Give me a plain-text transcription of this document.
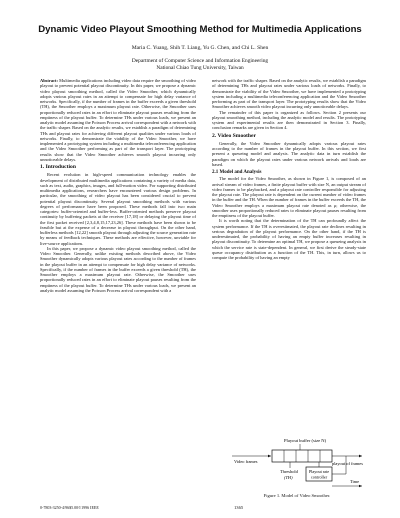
Dynamic Video Playout Smoothing Method for Multimedia Applications
Maria C. Yuang, Shih T. Liang, Yu G. Chen, and Chi L. Shen
Department of Computer Science and Information Engineering
National Chiao Tung University, Taiwan

Abstract: Multimedia applications including video data require the smoothing of video playout to prevent potential playout discontinuity. In this paper, we propose a dynamic video playout smoothing method, called the Video Smoother, which dynamically adopts various playout rates in an attempt to compensate for high delay variance of networks. Specifically, if the number of frames in the buffer exceeds a given threshold (TH), the Smoother employs a maximum playout rate. Otherwise, the Smoother uses proportionally reduced rates in an effort to eliminate playout pauses resulting from the emptiness of the playout buffer. To determine THs under various loads, we present an analytic model assuming the Poisson Process arrival correspondent with a network with the traffic shaper. Based on the analytic results, we establish a paradigm of determining THs and playout rates for achieving different playout qualities under various loads of networks. Finally, to demonstrate the viability of the Video Smoother, we have implemented a prototyping system including a multimedia teleconferencing application and the Video Smoother performing as part of the transport layer. The prototyping results show that the Video Smoother achieves smooth playout incurring only unnoticeable delays.

1. Introduction

Recent evolution in high-speed communication technology enables the development of distributed multimedia applications containing a variety of media data, such as text, audio, graphics, images, and full-motion video. For supporting distributed multimedia applications, researchers have encountered various design problems. In particular, the smoothing of video playout has been considered crucial to prevent potential playout discontinuity. Several playout smoothing methods with various degrees of performance have been proposed. These methods fall into two main categories: buffer-oriented and buffer-less. Buffer-oriented methods preserve playout continuity by buffering packets at the receiver [17,18] or delaying the playout time of the first packet received [2,3,4,8,15,17,23,26]. These methods have been shown to be feasible but at the expense of a decrease in playout throughput. On the other hand, bufferless methods [12,22] smooth playout through adjusting the source generation rate by means of feedback techniques. These methods are effective, however, unviable for live-source applications.

In this paper, we propose a dynamic video playout smoothing method, called the Video Smoother. Generally, unlike existing methods described above, the Video Smoother dynamically adopts various playout rates according to the number of frames in the playout buffer in an attempt to compensate for high delay variance of networks. Specifically, if the number of frames in the buffer exceeds a given threshold (TH), the Smoother employs a maximum playout rate. Otherwise, the Smoother uses proportionally reduced rates in an effort to eliminate playout pauses resulting from the emptiness of the playout buffer. To determine THs under various loads, we present an analytic model assuming the Poisson Process arrival correspondent with a

network with the traffic shaper. Based on the analytic results, we establish a paradigm of determining THs and playout rates under various loads of networks. Finally, to demonstrate the viability of the Video Smoother, we have implemented a prototyping system including a multimedia teleconferencing application and the Video Smoother performing as part of the transport layer. The prototyping results show that the Video Smoother achieves smooth video playout incurring only unnoticeable delays.

The remainder of this paper is organized as follows. Section 2 presents our playout smoothing method, including the analytic model and results. The prototyping system and experimental results are then demonstrated in Section 3. Finally, conclusion remarks are given in Section 4.

2. Video Smoother

Generally, the Video Smoother dynamically adopts various playout rates according to the number of frames in the playout buffer. In this section, we first present a queueing model and analysis. The analytic data in turn establish the paradigm on which the playout rates under various network arrivals and loads are based.

2.1 Model and Analysis

The model for the Video Smoother, as shown in Figure 1, is composed of an arrival stream of video frames, a finite playout buffer with size N, an output stream of video frames to be playbacked, and a playout rate controller responsible for adjusting the playout rate. The playout rate is dependent on the current number of video frames in the buffer and the TH. When the number of frames in the buffer exceeds the TH, the Video Smoother employs a maximum playout rate denoted as μ; otherwise, the smoother uses proportionally reduced rates to eliminate playout pauses resulting from the emptiness of the playout buffer.

It is worth noting that the determination of the TH can profoundly affect the system performance. If the TH is overestimated, the playout rate declines resulting in serious degradation of the playout performance. On the other hand, if the TH is underestimated, the probability of having an empty buffer increases resulting in playout discontinuity. To determine an optimal TH, we propose a queueing analysis in which the service rate is state-dependent. In general, we first derive the steady-state queue occupancy distribution as a function of the TH. This, in turn, allows us to compute the probability of having an empty

Playout buffer (size N)
Video frames	playout of frames
Threshold
(TH)
Playout rate
controller
Time
Figure 1. Model of Video Smoother.
0-7803-3250-4/96$5.00©1996 IEEE	1365
